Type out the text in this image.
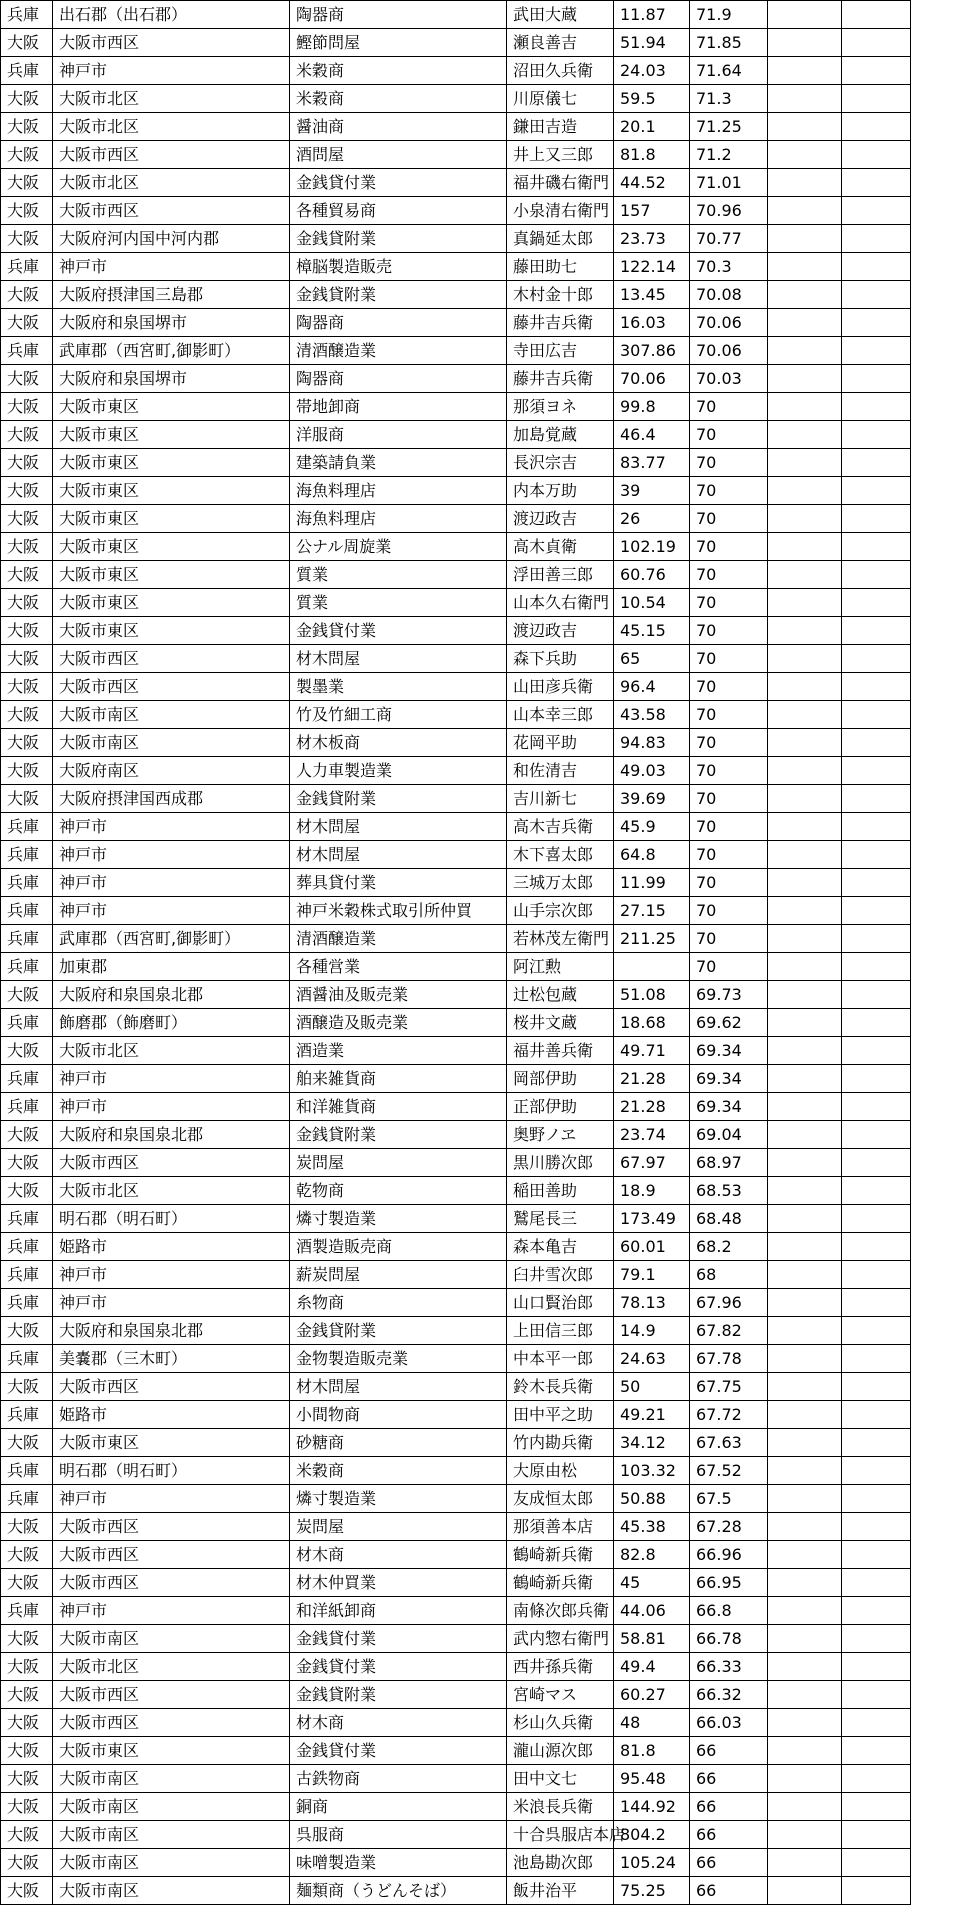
兵庫	出石郡（出石郡）	陶器商	武田大蔵	11.87	71.9		
大阪	大阪市西区	鰹節問屋	瀬良善吉	51.94	71.85		
兵庫	神戸市	米穀商	沼田久兵衛	24.03	71.64		
大阪	大阪市北区	米穀商	川原儀七	59.5	71.3		
大阪	大阪市北区	醤油商	鎌田吉造	20.1	71.25		
大阪	大阪市西区	酒問屋	井上又三郎	81.8	71.2		
大阪	大阪市北区	金銭貸付業	福井磯右衛門	44.52	71.01		
大阪	大阪市西区	各種貿易商	小泉清右衛門	157	70.96		
大阪	大阪府河内国中河内郡	金銭貸附業	真鍋延太郎	23.73	70.77		
兵庫	神戸市	樟脳製造販売	藤田助七	122.14	70.3		
大阪	大阪府摂津国三島郡	金銭貸附業	木村金十郎	13.45	70.08		
大阪	大阪府和泉国堺市	陶器商	藤井吉兵衛	16.03	70.06		
兵庫	武庫郡（西宮町,御影町）	清酒醸造業	寺田広吉	307.86	70.06		
大阪	大阪府和泉国堺市	陶器商	藤井吉兵衛	70.06	70.03		
大阪	大阪市東区	帯地卸商	那須ヨネ	99.8	70		
大阪	大阪市東区	洋服商	加島覚蔵	46.4	70		
大阪	大阪市東区	建築請負業	長沢宗吉	83.77	70		
大阪	大阪市東区	海魚料理店	内本万助	39	70		
大阪	大阪市東区	海魚料理店	渡辺政吉	26	70		
大阪	大阪市東区	公ナル周旋業	高木貞衛	102.19	70		
大阪	大阪市東区	質業	浮田善三郎	60.76	70		
大阪	大阪市東区	質業	山本久右衛門	10.54	70		
大阪	大阪市東区	金銭貸付業	渡辺政吉	45.15	70		
大阪	大阪市西区	材木問屋	森下兵助	65	70		
大阪	大阪市西区	製墨業	山田彦兵衛	96.4	70		
大阪	大阪市南区	竹及竹細工商	山本幸三郎	43.58	70		
大阪	大阪市南区	材木板商	花岡平助	94.83	70		
大阪	大阪府南区	人力車製造業	和佐清吉	49.03	70		
大阪	大阪府摂津国西成郡	金銭貸附業	吉川新七	39.69	70		
兵庫	神戸市	材木問屋	高木吉兵衛	45.9	70		
兵庫	神戸市	材木問屋	木下喜太郎	64.8	70		
兵庫	神戸市	葬具貸付業	三城万太郎	11.99	70		
兵庫	神戸市	神戸米穀株式取引所仲買	山手宗次郎	27.15	70		
兵庫	武庫郡（西宮町,御影町）	清酒醸造業	若林茂左衛門	211.25	70		
兵庫	加東郡	各種営業	阿江勲		70		
大阪	大阪府和泉国泉北郡	酒醤油及販売業	辻松包蔵	51.08	69.73		
兵庫	飾磨郡（飾磨町）	酒醸造及販売業	桜井文蔵	18.68	69.62		
大阪	大阪市北区	酒造業	福井善兵衛	49.71	69.34		
兵庫	神戸市	舶来雑貨商	岡部伊助	21.28	69.34		
兵庫	神戸市	和洋雑貨商	正部伊助	21.28	69.34		
大阪	大阪府和泉国泉北郡	金銭貸附業	奥野ノヱ	23.74	69.04		
大阪	大阪市西区	炭問屋	黒川勝次郎	67.97	68.97		
大阪	大阪市北区	乾物商	稲田善助	18.9	68.53		
兵庫	明石郡（明石町）	燐寸製造業	鷲尾長三	173.49	68.48		
兵庫	姫路市	酒製造販売商	森本亀吉	60.01	68.2		
兵庫	神戸市	薪炭問屋	臼井雪次郎	79.1	68		
兵庫	神戸市	糸物商	山口賢治郎	78.13	67.96		
大阪	大阪府和泉国泉北郡	金銭貸附業	上田信三郎	14.9	67.82		
兵庫	美嚢郡（三木町）	金物製造販売業	中本平一郎	24.63	67.78		
大阪	大阪市西区	材木問屋	鈴木長兵衛	50	67.75		
兵庫	姫路市	小間物商	田中平之助	49.21	67.72		
大阪	大阪市東区	砂糖商	竹内勘兵衛	34.12	67.63		
兵庫	明石郡（明石町）	米穀商	大原由松	103.32	67.52		
兵庫	神戸市	燐寸製造業	友成恒太郎	50.88	67.5		
大阪	大阪市西区	炭問屋	那須善本店	45.38	67.28		
大阪	大阪市西区	材木商	鶴崎新兵衛	82.8	66.96		
大阪	大阪市西区	材木仲買業	鶴崎新兵衛	45	66.95		
兵庫	神戸市	和洋紙卸商	南條次郎兵衛	44.06	66.8		
大阪	大阪市南区	金銭貸付業	武内惣右衛門	58.81	66.78		
大阪	大阪市北区	金銭貸付業	西井孫兵衛	49.4	66.33		
大阪	大阪市西区	金銭貸附業	宮崎マス	60.27	66.32		
大阪	大阪市西区	材木商	杉山久兵衛	48	66.03		
大阪	大阪市東区	金銭貸付業	瀧山源次郎	81.8	66		
大阪	大阪市南区	古鉄物商	田中文七	95.48	66		
大阪	大阪市南区	銅商	米浪長兵衛	144.92	66		
大阪	大阪市南区	呉服商	十合呉服店本店	804.2	66		
大阪	大阪市南区	味噌製造業	池島勘次郎	105.24	66		
大阪	大阪市南区	麺類商（うどんそば）	飯井治平	75.25	66		
